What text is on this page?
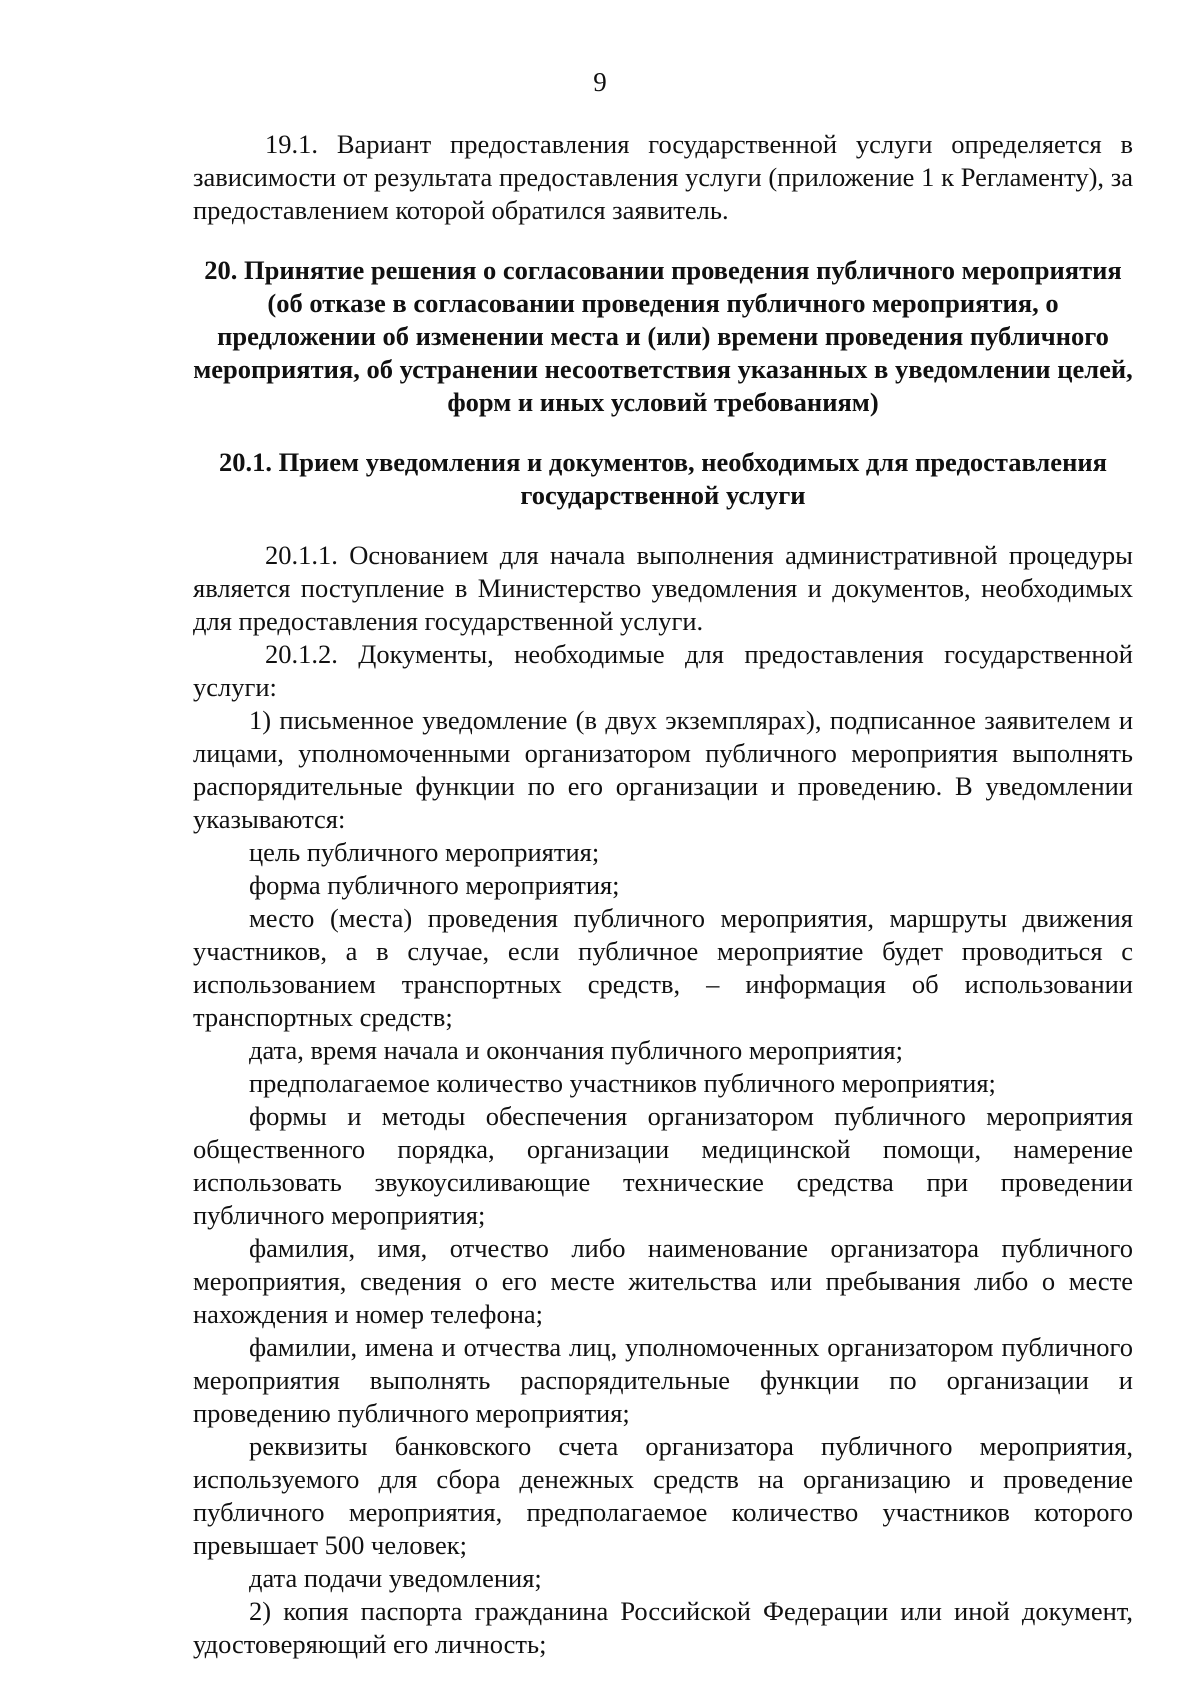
9

19.1. Вариант предоставления государственной услуги определяется в зависимости от результата предоставления услуги (приложение 1 к Регламенту), за предоставлением которой обратился заявитель.

20. Принятие решения о согласовании проведения публичного мероприятия (об отказе в согласовании проведения публичного мероприятия, о предложении об изменении места и (или) времени проведения публичного мероприятия, об устранении несоответствия указанных в уведомлении целей, форм и иных условий требованиям)

20.1. Прием уведомления и документов, необходимых для предоставления государственной услуги

20.1.1. Основанием для начала выполнения административной процедуры является поступление в Министерство уведомления и документов, необходимых для предоставления государственной услуги.

20.1.2. Документы, необходимые для предоставления государственной услуги:

1) письменное уведомление (в двух экземплярах), подписанное заявителем и лицами, уполномоченными организатором публичного мероприятия выполнять распорядительные функции по его организации и проведению. В уведомлении указываются:

цель публичного мероприятия;

форма публичного мероприятия;

место (места) проведения публичного мероприятия, маршруты движения участников, а в случае, если публичное мероприятие будет проводиться с использованием транспортных средств, – информация об использовании транспортных средств;

дата, время начала и окончания публичного мероприятия;

предполагаемое количество участников публичного мероприятия;

формы и методы обеспечения организатором публичного мероприятия общественного порядка, организации медицинской помощи, намерение использовать звукоусиливающие технические средства при проведении публичного мероприятия;

фамилия, имя, отчество либо наименование организатора публичного мероприятия, сведения о его месте жительства или пребывания либо о месте нахождения и номер телефона;

фамилии, имена и отчества лиц, уполномоченных организатором публичного мероприятия выполнять распорядительные функции по организации и проведению публичного мероприятия;

реквизиты банковского счета организатора публичного мероприятия, используемого для сбора денежных средств на организацию и проведение публичного мероприятия, предполагаемое количество участников которого превышает 500 человек;

дата подачи уведомления;

2) копия паспорта гражданина Российской Федерации или иной документ, удостоверяющий его личность;
